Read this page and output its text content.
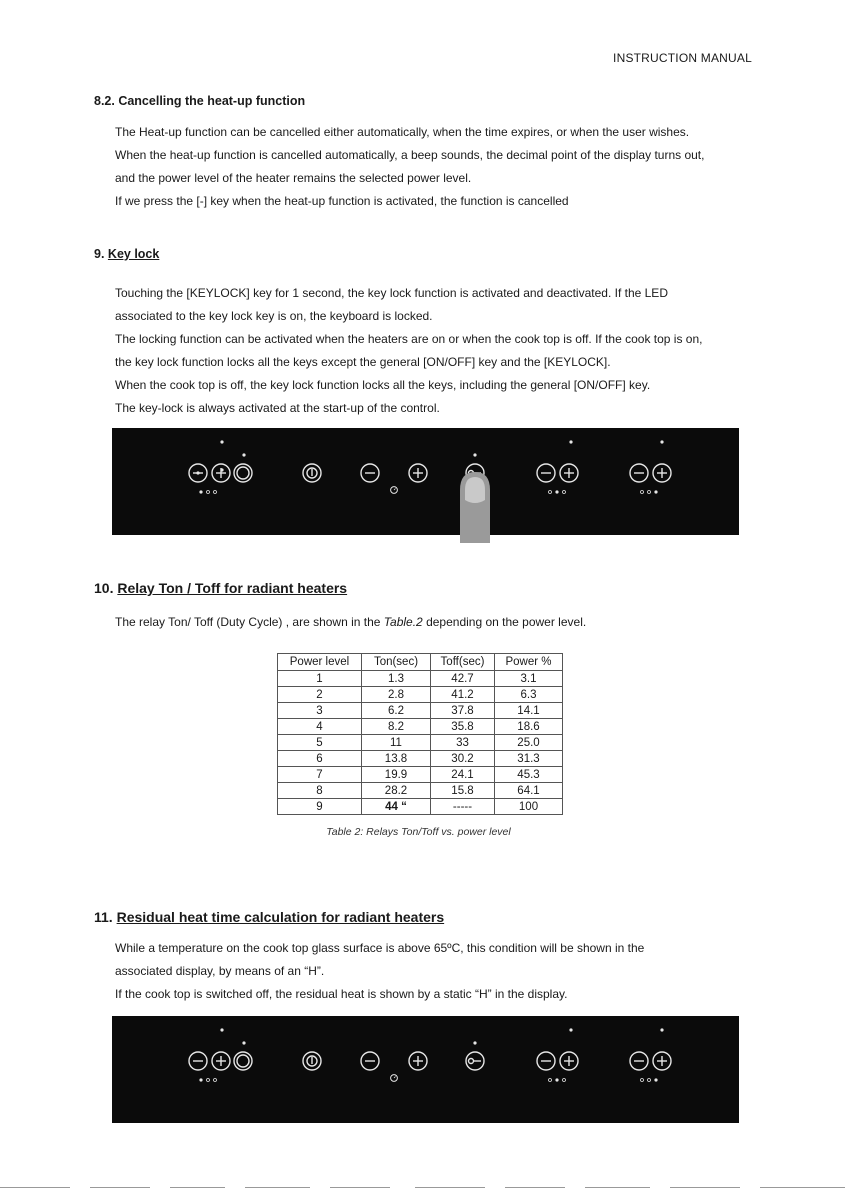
INSTRUCTION MANUAL
8.2. Cancelling the heat-up function

The Heat-up function can be cancelled either automatically, when the time expires, or when the user wishes.

When the heat-up function is cancelled automatically, a beep sounds, the decimal point of the display turns out,

and the power level of the heater remains the selected power level.

If we press the [-] key when the heat-up function is activated, the function is cancelled

9. Key lock

Touching the [KEYLOCK] key for 1 second, the key lock function is activated and deactivated. If the LED

associated to the key lock key is on, the keyboard is locked.

The locking function can be activated when the heaters are on or when the cook top is off. If the cook top is on,

the key lock function locks all the keys except the general [ON/OFF] key and the [KEYLOCK].

When the cook top is off, the key lock function locks all the keys, including the general [ON/OFF] key.

The key-lock is always activated at the start-up of the control.

10. Relay Ton / Toff for radiant heaters

The relay Ton/ Toff (Duty Cycle) , are shown in the Table.2 depending on the power level.

Power level	Ton(sec)	Toff(sec)	Power %
1	1.3	42.7	3.1
2	2.8	41.2	6.3
3	6.2	37.8	14.1
4	8.2	35.8	18.6
5	11	33	25.0
6	13.8	30.2	31.3
7	19.9	24.1	45.3
8	28.2	15.8	64.1
9	44 “	-----	100
Table 2: Relays Ton/Toff vs. power level
11. Residual heat time calculation for radiant heaters

While a temperature on the cook top glass surface is above 65ºC, this condition will be shown in the

associated display, by means of an “H”.

If the cook top is switched off, the residual heat is shown by a static “H” in the display.
